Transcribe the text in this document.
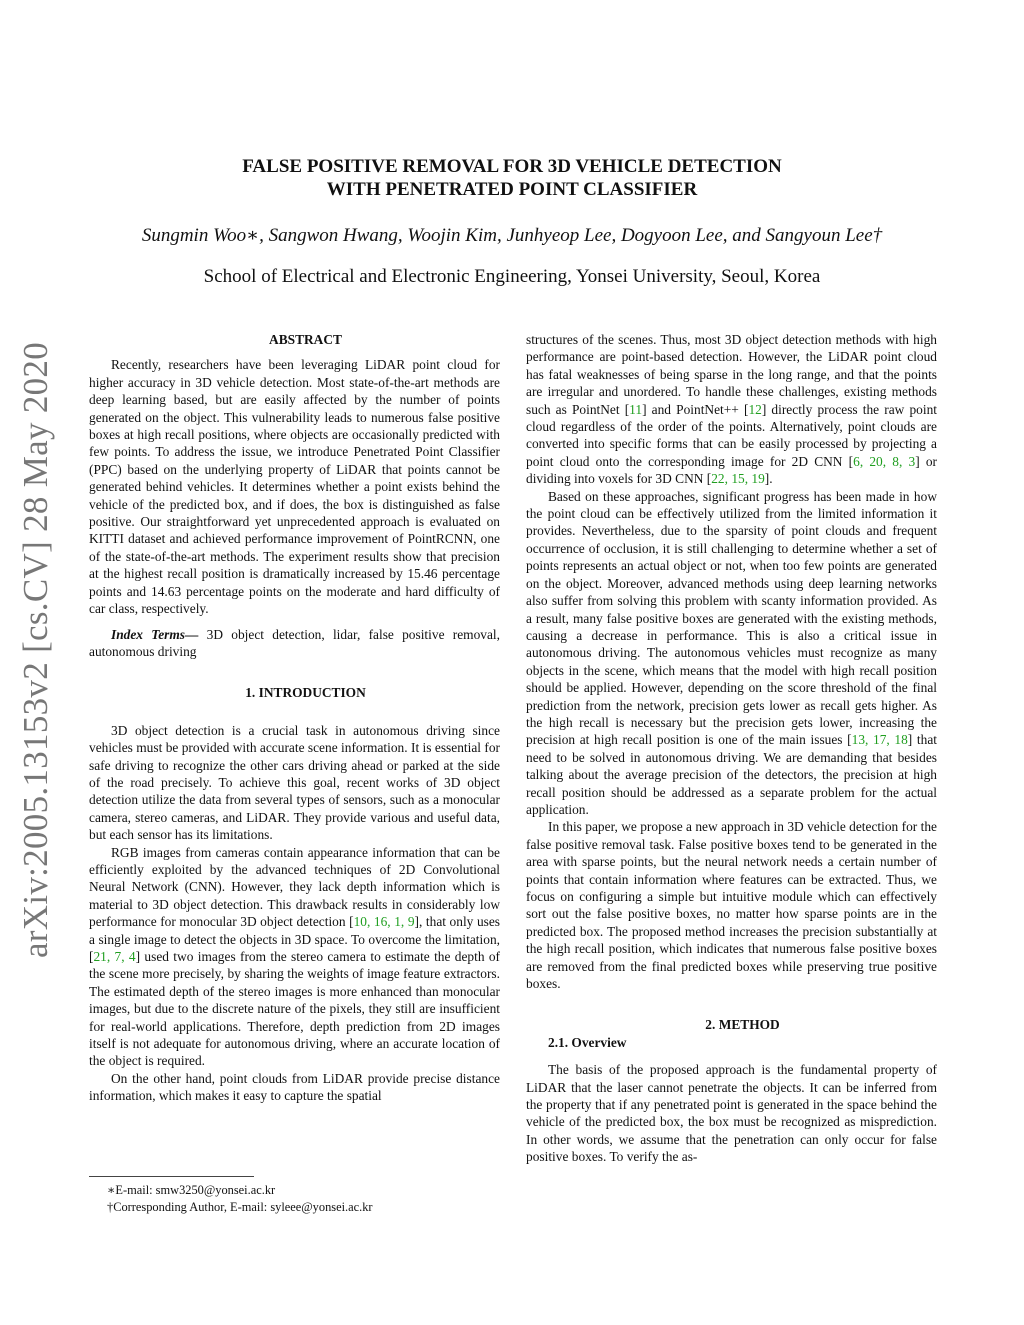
arXiv:2005.13153v2 [cs.CV] 28 May 2020
FALSE POSITIVE REMOVAL FOR 3D VEHICLE DETECTION
WITH PENETRATED POINT CLASSIFIER
Sungmin Woo∗, Sangwon Hwang, Woojin Kim, Junhyeop Lee, Dogyoon Lee, and Sangyoun Lee†
School of Electrical and Electronic Engineering, Yonsei University, Seoul, Korea

ABSTRACT

Recently, researchers have been leveraging LiDAR point cloud for higher accuracy in 3D vehicle detection. Most state-of-the-art methods are deep learning based, but are easily affected by the number of points generated on the object. This vulnerability leads to numerous false positive boxes at high recall positions, where objects are occasionally predicted with few points. To address the issue, we introduce Penetrated Point Classifier (PPC) based on the underlying property of LiDAR that points cannot be generated behind vehicles. It determines whether a point exists behind the vehicle of the predicted box, and if does, the box is distinguished as false positive. Our straightforward yet unprecedented approach is evaluated on KITTI dataset and achieved performance improvement of PointRCNN, one of the state-of-the-art methods. The experiment results show that precision at the highest recall position is dramatically increased by 15.46 percentage points and 14.63 percentage points on the moderate and hard difficulty of car class, respectively.

Index Terms— 3D object detection, lidar, false positive removal, autonomous driving

1. INTRODUCTION

3D object detection is a crucial task in autonomous driving since vehicles must be provided with accurate scene information. It is essential for safe driving to recognize the other cars driving ahead or parked at the side of the road precisely. To achieve this goal, recent works of 3D object detection utilize the data from several types of sensors, such as a monocular camera, stereo cameras, and LiDAR. They provide various and useful data, but each sensor has its limitations.

RGB images from cameras contain appearance information that can be efficiently exploited by the advanced techniques of 2D Convolutional Neural Network (CNN). However, they lack depth information which is material to 3D object detection. This drawback results in considerably low performance for monocular 3D object detection [10, 16, 1, 9], that only uses a single image to detect the objects in 3D space. To overcome the limitation, [21, 7, 4] used two images from the stereo camera to estimate the depth of the scene more precisely, by sharing the weights of image feature extractors. The estimated depth of the stereo images is more enhanced than monocular images, but due to the discrete nature of the pixels, they still are insufficient for real-world applications. Therefore, depth prediction from 2D images itself is not adequate for autonomous driving, where an accurate location of the object is required.

On the other hand, point clouds from LiDAR provide precise distance information, which makes it easy to capture the spatial

structures of the scenes. Thus, most 3D object detection methods with high performance are point-based detection. However, the LiDAR point cloud has fatal weaknesses of being sparse in the long range, and that the points are irregular and unordered. To handle these challenges, existing methods such as PointNet [11] and PointNet++ [12] directly process the raw point cloud regardless of the order of the points. Alternatively, point clouds are converted into specific forms that can be easily processed by projecting a point cloud onto the corresponding image for 2D CNN [6, 20, 8, 3] or dividing into voxels for 3D CNN [22, 15, 19].

Based on these approaches, significant progress has been made in how the point cloud can be effectively utilized from the limited information it provides. Nevertheless, due to the sparsity of point clouds and frequent occurrence of occlusion, it is still challenging to determine whether a set of points represents an actual object or not, when too few points are generated on the object. Moreover, advanced methods using deep learning networks also suffer from solving this problem with scanty information provided. As a result, many false positive boxes are generated with the existing methods, causing a decrease in performance. This is also a critical issue in autonomous driving. The autonomous vehicles must recognize as many objects in the scene, which means that the model with high recall position should be applied. However, depending on the score threshold of the final prediction from the network, precision gets lower as recall gets higher. As the high recall is necessary but the precision gets lower, increasing the precision at high recall position is one of the main issues [13, 17, 18] that need to be solved in autonomous driving. We are demanding that besides talking about the average precision of the detectors, the precision at high recall position should be addressed as a separate problem for the actual application.

In this paper, we propose a new approach in 3D vehicle detection for the false positive removal task. False positive boxes tend to be generated in the area with sparse points, but the neural network needs a certain number of points that contain information where features can be extracted. Thus, we focus on configuring a simple but intuitive module which can effectively sort out the false positive boxes, no matter how sparse points are in the predicted box. The proposed method increases the precision substantially at the high recall position, which indicates that numerous false positive boxes are removed from the final predicted boxes while preserving true positive boxes.

2. METHOD

2.1. Overview

The basis of the proposed approach is the fundamental property of LiDAR that the laser cannot penetrate the objects. It can be inferred from the property that if any penetrated point is generated in the space behind the vehicle of the predicted box, the box must be recognized as misprediction. In other words, we assume that the penetration can only occur for false positive boxes. To verify the as-

∗E-mail: smw3250@yonsei.ac.kr
†Corresponding Author, E-mail: syleee@yonsei.ac.kr
